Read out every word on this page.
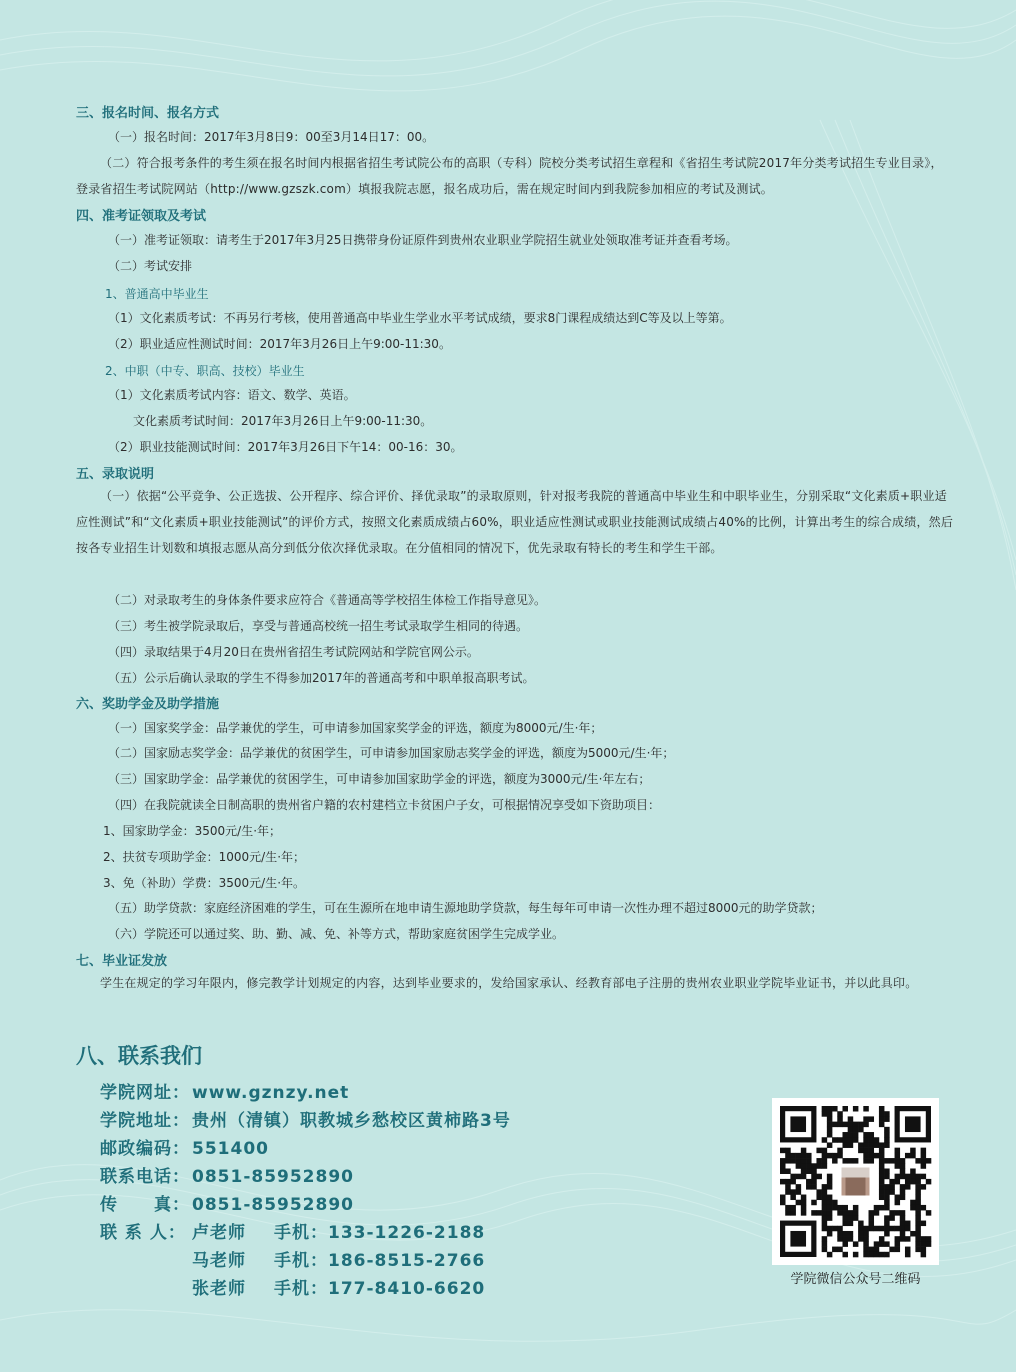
三、报名时间、报名方式
（一）报名时间：2017年3月8日9：00至3月14日17：00。
（二）符合报考条件的考生须在报名时间内根据省招生考试院公布的高职（专科）院校分类考试招生章程和《省招生考试院2017年分类考试招生专业目录》，登录省招生考试院网站（http://www.gzszk.com）填报我院志愿，报名成功后，需在规定时间内到我院参加相应的考试及测试。
四、准考证领取及考试
（一）准考证领取：请考生于2017年3月25日携带身份证原件到贵州农业职业学院招生就业处领取准考证并查看考场。
（二）考试安排
1、普通高中毕业生
（1）文化素质考试：不再另行考核，使用普通高中毕业生学业水平考试成绩，要求8门课程成绩达到C等及以上等第。
（2）职业适应性测试时间：2017年3月26日上午9:00-11:30。
2、中职（中专、职高、技校）毕业生
（1）文化素质考试内容：语文、数学、英语。
文化素质考试时间：2017年3月26日上午9:00-11:30。
（2）职业技能测试时间：2017年3月26日下午14：00-16：30。
五、录取说明
（一）依据“公平竞争、公正选拔、公开程序、综合评价、择优录取”的录取原则，针对报考我院的普通高中毕业生和中职毕业生，分别采取“文化素质+职业适应性测试”和“文化素质+职业技能测试”的评价方式，按照文化素质成绩占60%，职业适应性测试或职业技能测试成绩占40%的比例，计算出考生的综合成绩，然后按各专业招生计划数和填报志愿从高分到低分依次择优录取。在分值相同的情况下，优先录取有特长的考生和学生干部。
（二）对录取考生的身体条件要求应符合《普通高等学校招生体检工作指导意见》。
（三）考生被学院录取后，享受与普通高校统一招生考试录取学生相同的待遇。
（四）录取结果于4月20日在贵州省招生考试院网站和学院官网公示。
（五）公示后确认录取的学生不得参加2017年的普通高考和中职单报高职考试。
六、奖助学金及助学措施
（一）国家奖学金：品学兼优的学生，可申请参加国家奖学金的评选，额度为8000元/生·年；
（二）国家励志奖学金：品学兼优的贫困学生，可申请参加国家励志奖学金的评选，额度为5000元/生·年；
（三）国家助学金：品学兼优的贫困学生，可申请参加国家助学金的评选，额度为3000元/生·年左右；
（四）在我院就读全日制高职的贵州省户籍的农村建档立卡贫困户子女，可根据情况享受如下资助项目：
1、国家助学金：3500元/生·年；
2、扶贫专项助学金：1000元/生·年；
3、免（补助）学费：3500元/生·年。
（五）助学贷款：家庭经济困难的学生，可在生源所在地申请生源地助学贷款，每生每年可申请一次性办理不超过8000元的助学贷款；
（六）学院还可以通过奖、助、勤、减、免、补等方式，帮助家庭贫困学生完成学业。
七、毕业证发放
学生在规定的学习年限内，修完教学计划规定的内容，达到毕业要求的，发给国家承认、经教育部电子注册的贵州农业职业学院毕业证书，并以此具印。
八、联系我们
学院网址： www.gznzy.net
学院地址： 贵州（清镇）职教城乡愁校区黄柿路3号
邮政编码： 551400
联系电话： 0851-85952890
传　　真： 0851-85952890
联 系 人： 卢老师 手机：133-1226-2188
马老师 手机：186-8515-2766
张老师 手机：177-8410-6620	学院微信公众号二维码
